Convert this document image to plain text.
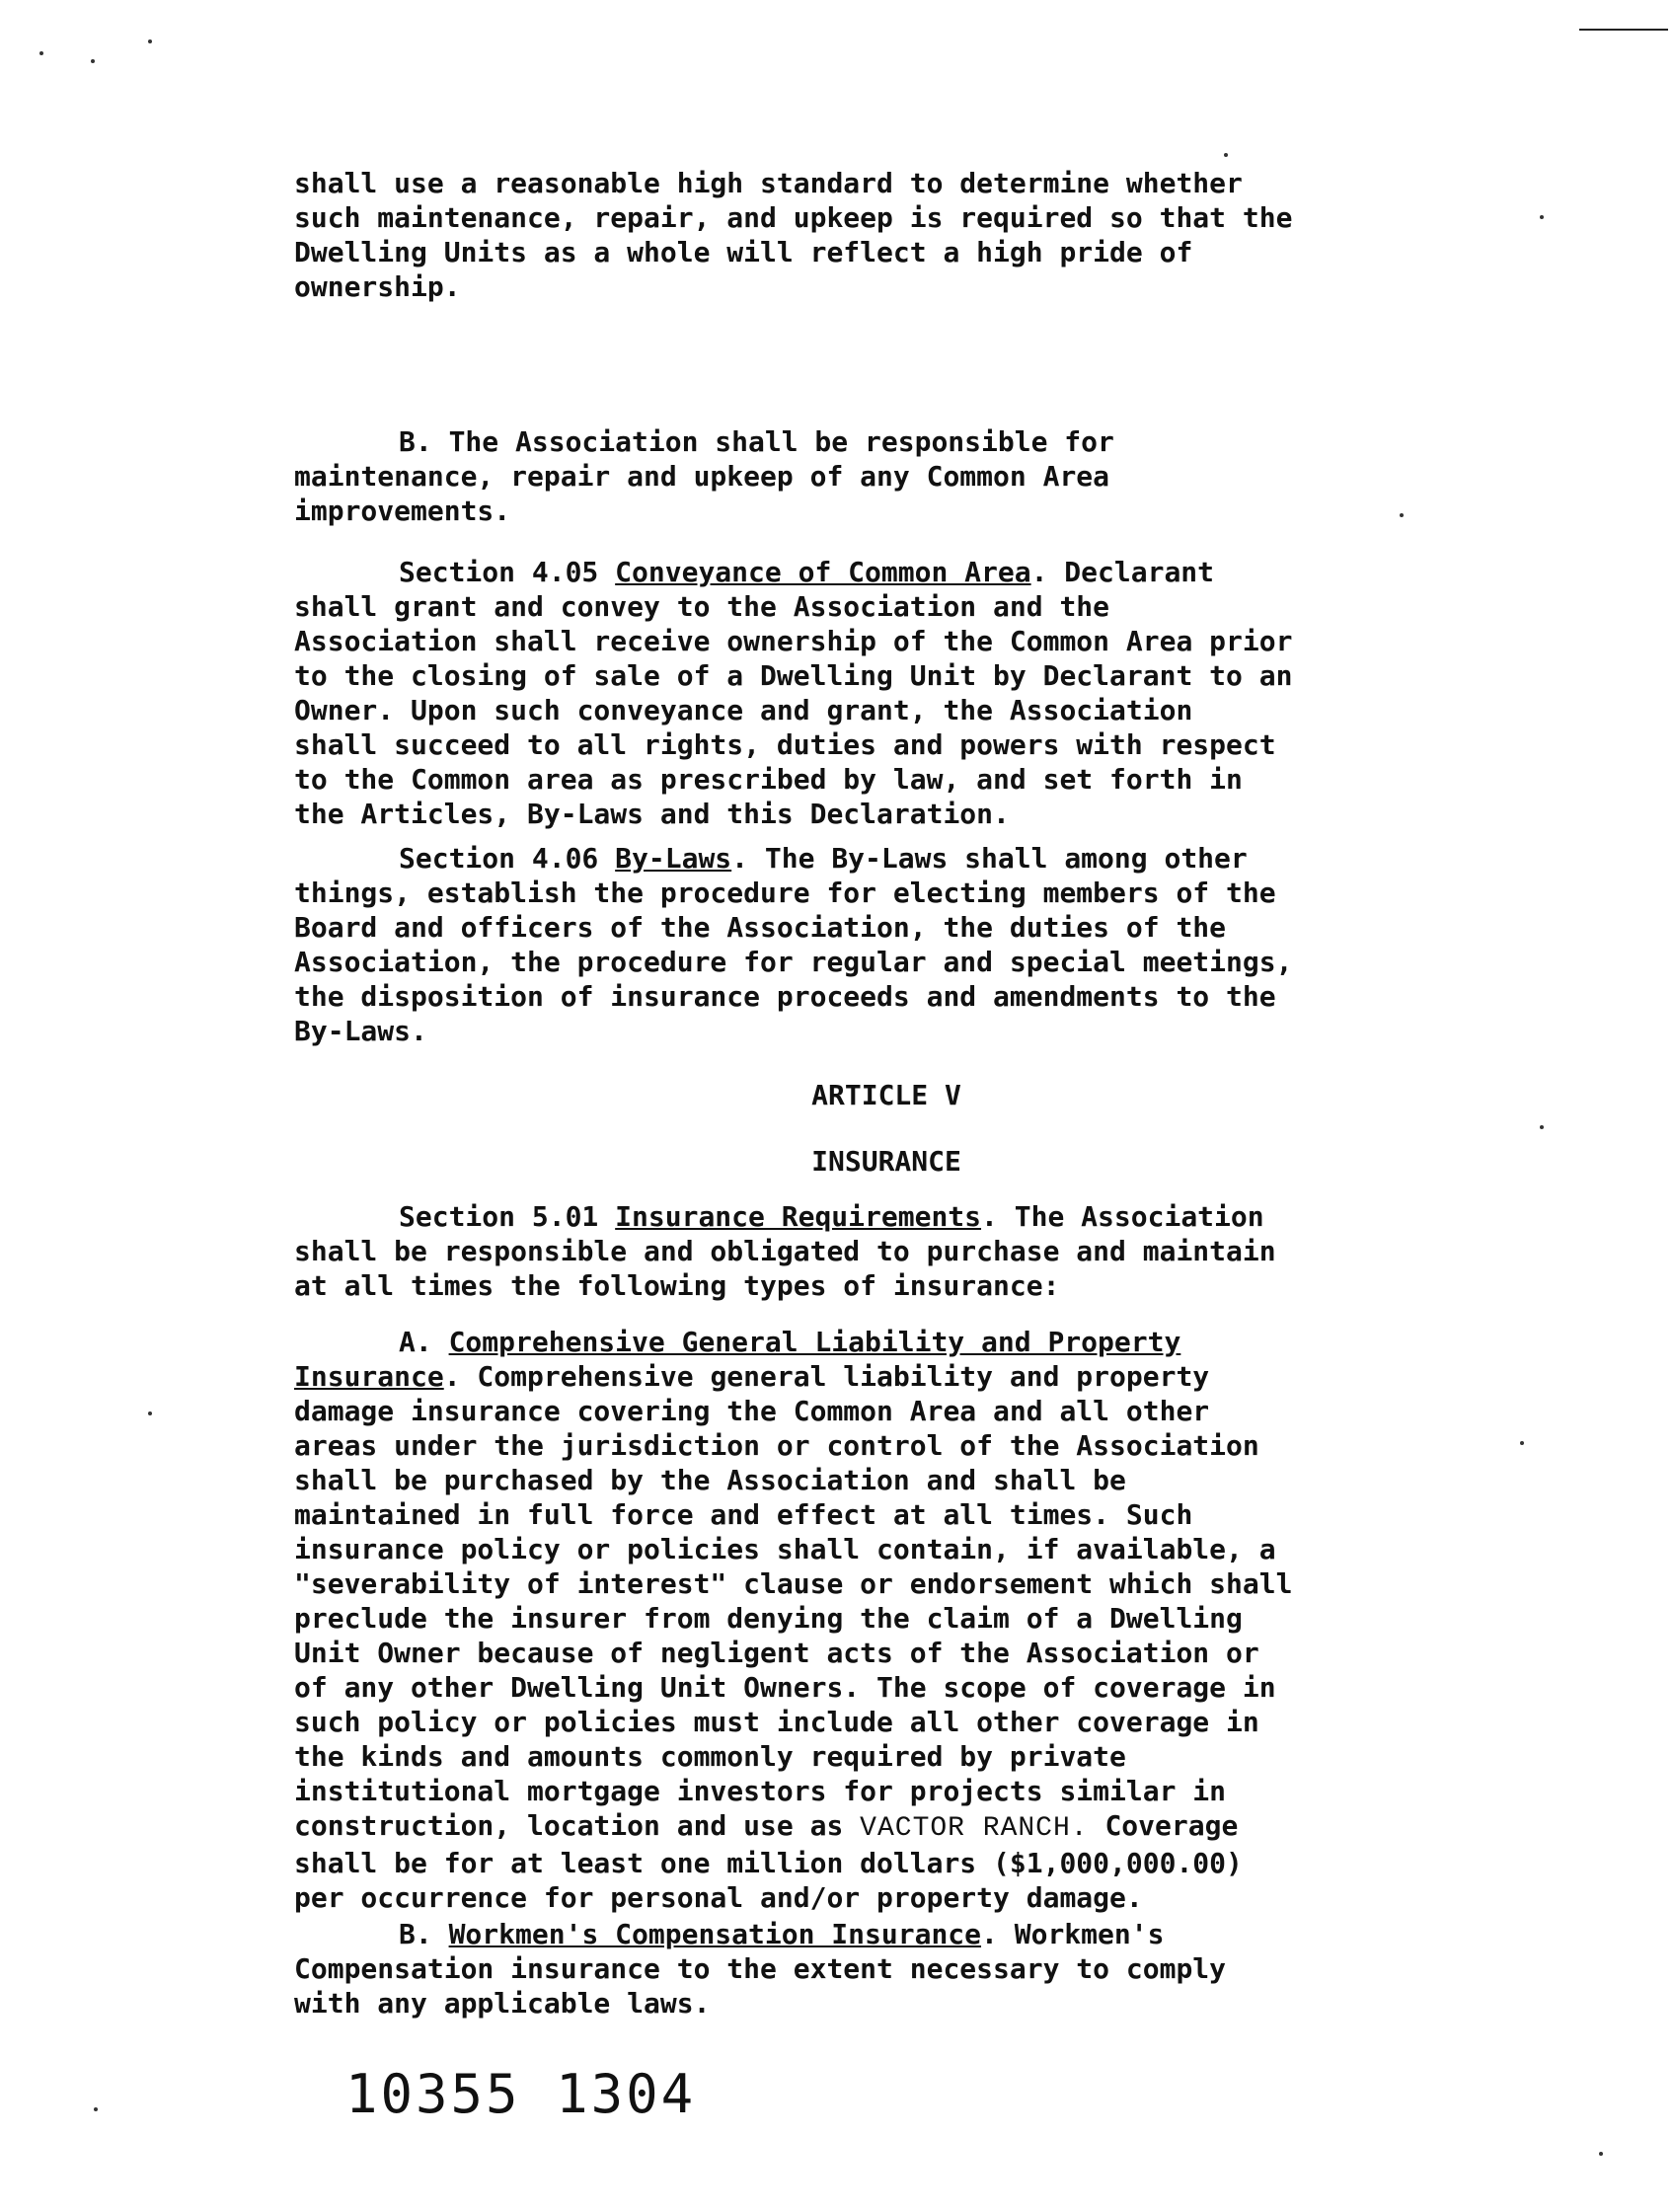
shall use a reasonable high standard to determine whether
such maintenance, repair, and upkeep is required so that the
Dwelling Units as a whole will reflect a high pride of
ownership.
B. The Association shall be responsible for
maintenance, repair and upkeep of any Common Area
improvements.
Section 4.05 Conveyance of Common Area. Declarant
shall grant and convey to the Association and the
Association shall receive ownership of the Common Area prior
to the closing of sale of a Dwelling Unit by Declarant to an
Owner. Upon such conveyance and grant, the Association
shall succeed to all rights, duties and powers with respect
to the Common area as prescribed by law, and set forth in
the Articles, By-Laws and this Declaration.
Section 4.06 By-Laws. The By-Laws shall among other
things, establish the procedure for electing members of the
Board and officers of the Association, the duties of the
Association, the procedure for regular and special meetings,
the disposition of insurance proceeds and amendments to the
By-Laws.
ARTICLE V
INSURANCE
Section 5.01 Insurance Requirements. The Association
shall be responsible and obligated to purchase and maintain
at all times the following types of insurance:
A. Comprehensive General Liability and Property
Insurance. Comprehensive general liability and property
damage insurance covering the Common Area and all other
areas under the jurisdiction or control of the Association
shall be purchased by the Association and shall be
maintained in full force and effect at all times. Such
insurance policy or policies shall contain, if available, a
"severability of interest" clause or endorsement which shall
preclude the insurer from denying the claim of a Dwelling
Unit Owner because of negligent acts of the Association or
of any other Dwelling Unit Owners. The scope of coverage in
such policy or policies must include all other coverage in
the kinds and amounts commonly required by private
institutional mortgage investors for projects similar in
construction, location and use as VACTOR RANCH. Coverage
shall be for at least one million dollars ($1,000,000.00)
per occurrence for personal and/or property damage.
B. Workmen's Compensation Insurance. Workmen's
Compensation insurance to the extent necessary to comply
with any applicable laws.
10355 1304
